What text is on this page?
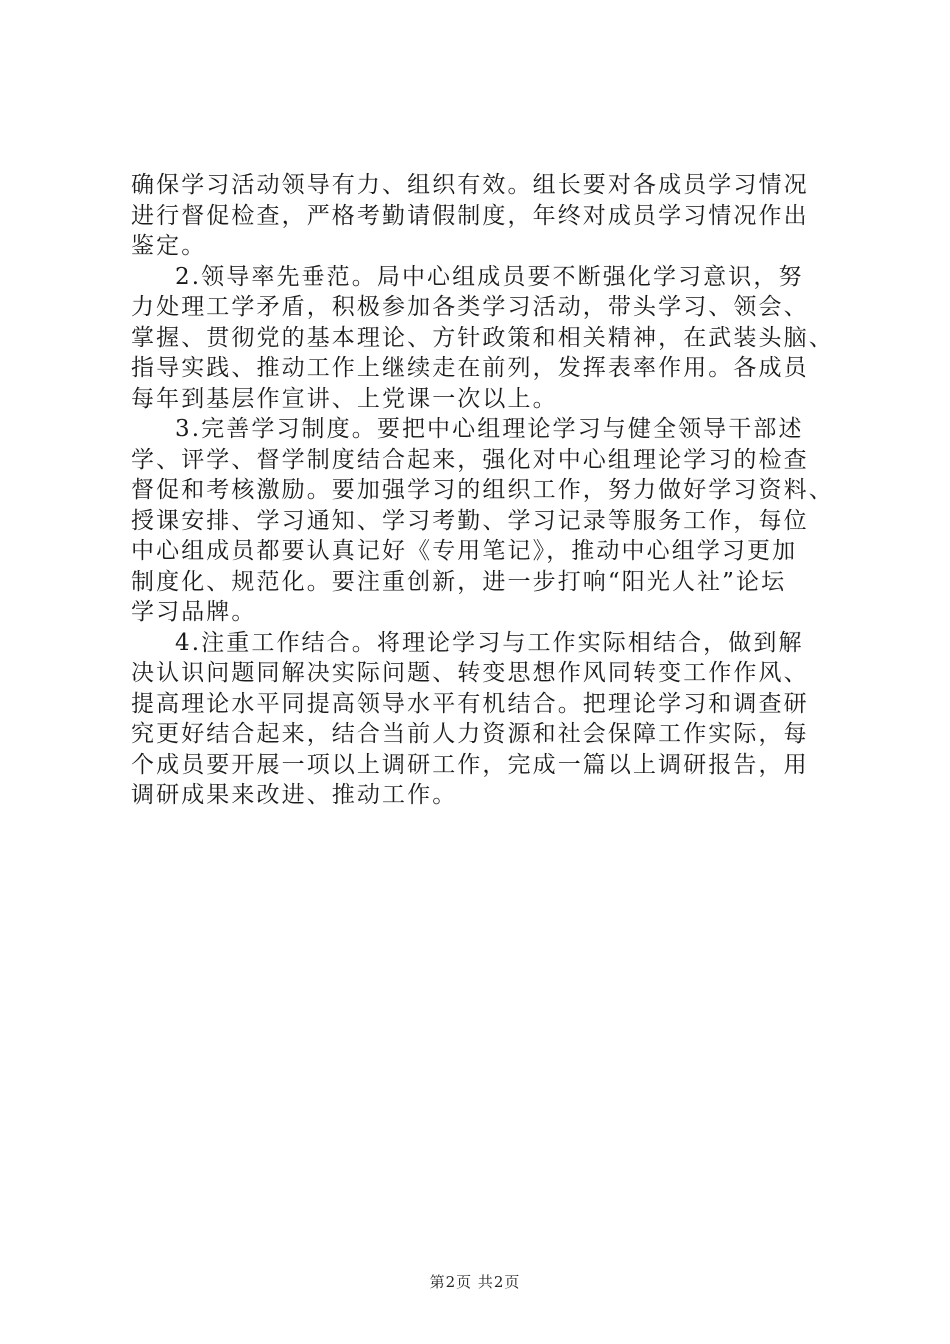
确保学习活动领导有力、组织有效。组长要对各成员学习情况
进行督促检查，严格考勤请假制度，年终对成员学习情况作出
鉴定。
2.领导率先垂范。局中心组成员要不断强化学习意识，努
力处理工学矛盾，积极参加各类学习活动，带头学习、领会、
掌握、贯彻党的基本理论、方针政策和相关精神，在武装头脑、
指导实践、推动工作上继续走在前列，发挥表率作用。各成员
每年到基层作宣讲、上党课一次以上。
3.完善学习制度。要把中心组理论学习与健全领导干部述
学、评学、督学制度结合起来，强化对中心组理论学习的检查
督促和考核激励。要加强学习的组织工作，努力做好学习资料、
授课安排、学习通知、学习考勤、学习记录等服务工作，每位
中心组成员都要认真记好《专用笔记》，推动中心组学习更加
制度化、规范化。要注重创新，进一步打响“阳光人社”论坛
学习品牌。
4.注重工作结合。将理论学习与工作实际相结合，做到解
决认识问题同解决实际问题、转变思想作风同转变工作作风、
提高理论水平同提高领导水平有机结合。把理论学习和调查研
究更好结合起来，结合当前人力资源和社会保障工作实际，每
个成员要开展一项以上调研工作，完成一篇以上调研报告，用
调研成果来改进、推动工作。
第2页 共2页
